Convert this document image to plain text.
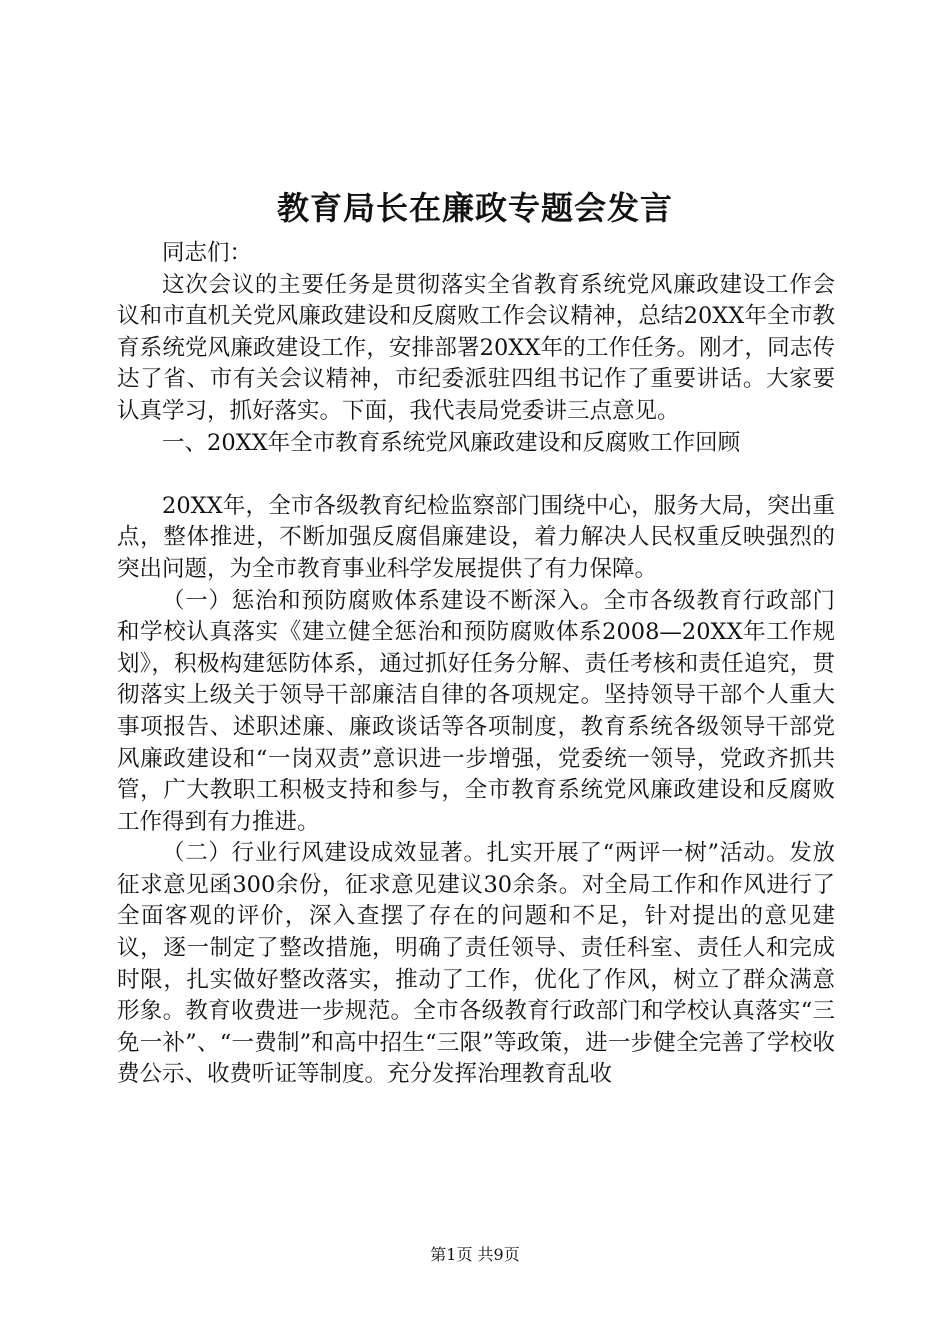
教育局长在廉政专题会发言

同志们：

这次会议的主要任务是贯彻落实全省教育系统党风廉政建设工作会议和市直机关党风廉政建设和反腐败工作会议精神，总结20XX年全市教育系统党风廉政建设工作，安排部署20XX年的工作任务。刚才，同志传达了省、市有关会议精神，市纪委派驻四组书记作了重要讲话。大家要认真学习，抓好落实。下面，我代表局党委讲三点意见。

一、20XX年全市教育系统党风廉政建设和反腐败工作回顾

20XX年，全市各级教育纪检监察部门围绕中心，服务大局，突出重点，整体推进，不断加强反腐倡廉建设，着力解决人民权重反映强烈的突出问题，为全市教育事业科学发展提供了有力保障。

（一）惩治和预防腐败体系建设不断深入。全市各级教育行政部门和学校认真落实《建立健全惩治和预防腐败体系2008—20XX年工作规划》，积极构建惩防体系，通过抓好任务分解、责任考核和责任追究，贯彻落实上级关于领导干部廉洁自律的各项规定。坚持领导干部个人重大事项报告、述职述廉、廉政谈话等各项制度，教育系统各级领导干部党风廉政建设和“一岗双责”意识进一步增强，党委统一领导，党政齐抓共管，广大教职工积极支持和参与，全市教育系统党风廉政建设和反腐败工作得到有力推进。

（二）行业行风建设成效显著。扎实开展了“两评一树”活动。发放征求意见函300余份，征求意见建议30余条。对全局工作和作风进行了全面客观的评价，深入查摆了存在的问题和不足，针对提出的意见建议，逐一制定了整改措施，明确了责任领导、责任科室、责任人和完成时限，扎实做好整改落实，推动了工作，优化了作风，树立了群众满意形象。教育收费进一步规范。全市各级教育行政部门和学校认真落实“三免一补”、“一费制”和高中招生“三限”等政策，进一步健全完善了学校收费公示、收费听证等制度。充分发挥治理教育乱收

第1页 共9页
